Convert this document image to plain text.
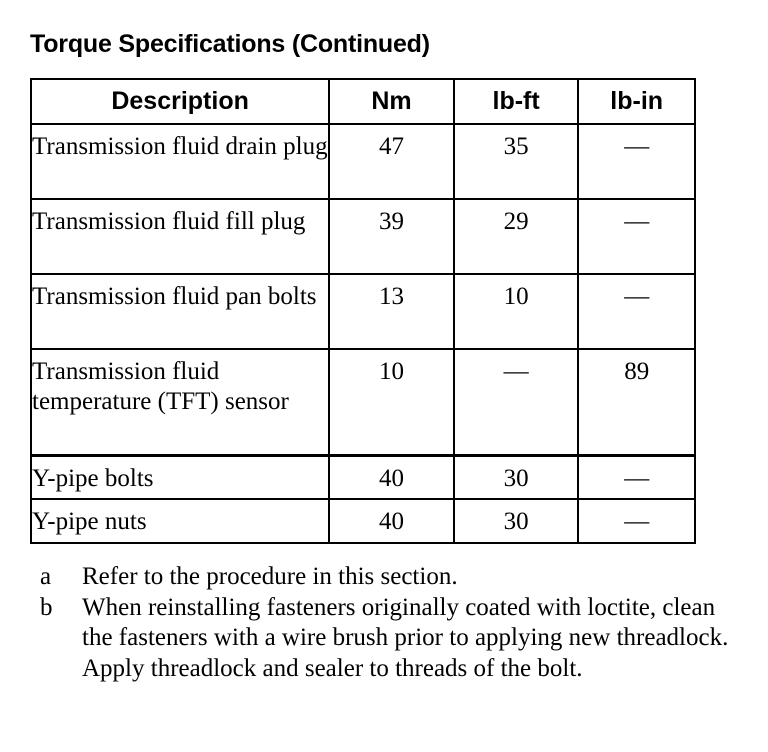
Torque Specifications (Continued)
Description	Nm	lb-ft	lb-in
Transmission fluid drain plug	47	35	—
Transmission fluid fill plug	39	29	—
Transmission fluid pan bolts	13	10	—
Transmission fluid temperature (TFT) sensor	10	—	89
Y-pipe bolts	40	30	—
Y-pipe nuts	40	30	—
a	Refer to the procedure in this section.
b	When reinstalling fasteners originally coated with loctite, clean the fasteners with a wire brush prior to applying new threadlock. Apply threadlock and sealer to threads of the bolt.
